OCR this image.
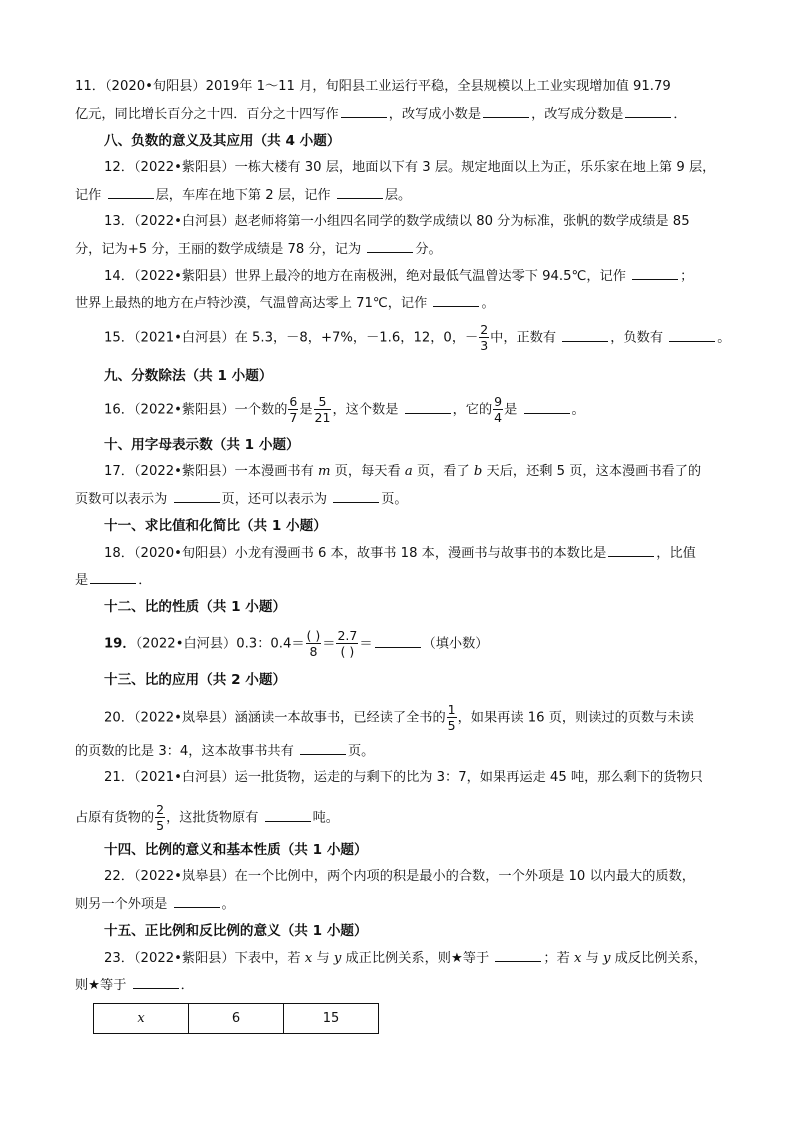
11．（2020•旬阳县）2019年 1～11 月，旬阳县工业运行平稳，全县规模以上工业实现增加值 91.79
亿元，同比增长百分之十四．百分之十四写作	，改写成小数是	，改写成分数是	．
八、负数的意义及其应用（共 4 小题）
12．（2022•紫阳县）一栋大楼有 30 层，地面以下有 3 层。规定地面以上为正，乐乐家在地上第 9 层，
记作	层，车库在地下第 2 层，记作	层。
13．（2022•白河县）赵老师将第一小组四名同学的数学成绩以 80 分为标准，张帆的数学成绩是 85
分，记为+5 分，王丽的数学成绩是 78 分，记为	分。
14．（2022•紫阳县）世界上最冷的地方在南极洲，绝对最低气温曾达零下 94.5℃，记作	；
世界上最热的地方在卢特沙漠，气温曾高达零上 71℃，记作	。
15．（2021•白河县）在 5.3，－8，+7%，－1.6，12，0，－ $\frac{2}{3}$ 中，正数有	，负数有	。
九、分数除法（共 1 小题）
16．（2022•紫阳县）一个数的 $\frac{6}{7}$ 是 $\frac{5}{21}$ ，这个数是	，它的 $\frac{9}{4}$ 是	。
十、用字母表示数（共 1 小题）
17．（2022•紫阳县）一本漫画书有 m 页，每天看 a 页，看了 b 天后，还剩 5 页，这本漫画书看了的
页数可以表示为	页，还可以表示为	页。
十一、求比值和化简比（共 1 小题）
18．（2020•旬阳县）小龙有漫画书 6 本，故事书 18 本，漫画书与故事书的本数比是	，比值
是	．
十二、比的性质（共 1 小题）
19．（2022•白河县）0.3：$0.4= \frac{( )}{8} = \frac{2.7}{( )}$ ＝	（填小数）
十三、比的应用（共 2 小题）
20．（2022•岚皋县）涵涵读一本故事书，已经读了全书的 $\frac{1}{5}$ ，如果再读 16 页，则读过的页数与未读
的页数的比是 3：4，这本故事书共有	页。
21．（2021•白河县）运一批货物，运走的与剩下的比为 3：7，如果再运走 45 吨，那么剩下的货物只
占原有货物的 $\frac{2}{5}$ ，这批货物原有	吨。
十四、比例的意义和基本性质（共 1 小题）
22．（2022•岚皋县）在一个比例中，两个内项的积是最小的合数，一个外项是 10 以内最大的质数，
则另一个外项是	。
十五、正比例和反比例的意义（共 1 小题）
23．（2022•紫阳县）下表中，若 x 与 y 成正比例关系，则★等于	；若 x 与 y 成反比例关系，
则★等于	．
x	6	15
